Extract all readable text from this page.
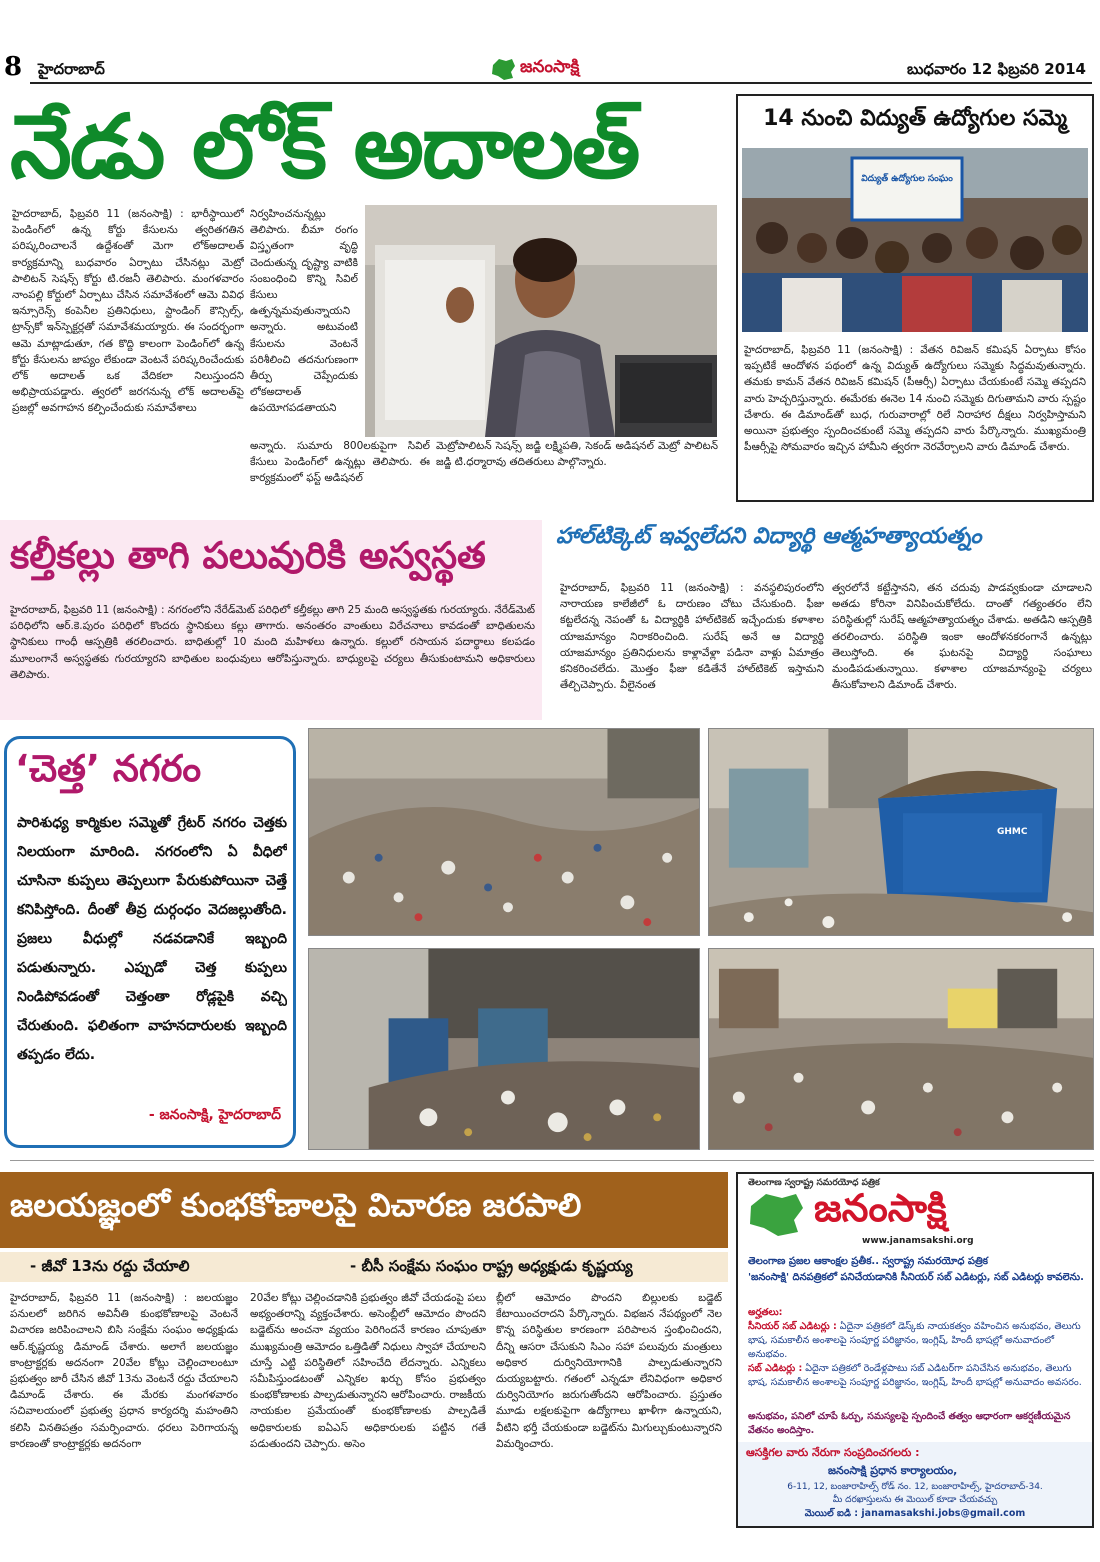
8 హైదరాబాద్	జనంసాక్షి	బుధవారం 12 ఫిబ్రవరి 2014
నేడు లోక్ అదాలత్
హైదరాబాద్, ఫిబ్రవరి 11 (జనంసాక్షి) : భారీస్థాయిలో పెండింగ్‌లో ఉన్న కోర్టు కేసులను త్వరితగతిన పరిష్కరించాలనే ఉద్దేశంతో మెగా లోక్‌అదాలత్ కార్యక్రమాన్ని బుధవారం ఏర్పాటు చేసినట్లు మెట్రో పాలిటన్ సెషన్స్ కోర్టు టి.రజనీ తెలిపారు. మంగళవారం నాంపల్లి కోర్టులో ఏర్పాటు చేసిన సమావేశంలో ఆమె వివిధ ఇన్సూరెన్స్ కంపెనీల ప్రతినిధులు, స్టాండింగ్ కౌన్సిల్స్, ట్రాన్స్‌కో ఇన్‌స్పెక్టర్లతో సమావేశమయ్యారు. ఈ సందర్భంగా ఆమె మాట్లాడుతూ, గత కొద్ది కాలంగా పెండింగ్‌లో ఉన్న కోర్టు కేసులను జాప్యం లేకుండా వెంటనే పరిష్కరించేందుకు లోక్ అదాలత్ ఒక వేదికలా నిలుస్తుందని అభిప్రాయపడ్డారు. త్వరలో జరగనున్న లోక్ అదాలత్‌పై ప్రజల్లో అవగాహన కల్పించేందుకు సమావేశాలు
నిర్వహించనున్నట్లు తెలిపారు. బీమా రంగం విస్తృతంగా వృద్ధి చెందుతున్న దృష్ట్యా వాటికి సంబంధించి కొన్ని సివిల్ కేసులు ఉత్పన్నమవుతున్నాయని అన్నారు. అటువంటి కేసులను వెంటనే పరిశీలించి తదనుగుణంగా తీర్పు చెప్పేందుకు లోకఅదాలత్ ఉపయోగపడతాయని
అన్నారు. సుమారు 800లకుపైగా సివిల్ కేసులు పెండింగ్‌లో ఉన్నట్లు తెలిపారు. ఈ కార్యక్రమంలో ఫస్ట్ అడిషనల్
మెట్రోపాలిటన్ సెషన్స్ జడ్జి లక్ష్మిపతి, సెకండ్ అడిషనల్ మెట్రో పాలిటన్ జడ్జి టి.ధర్మారావు తదితరులు పాల్గొన్నారు.
14 నుంచి విద్యుత్ ఉద్యోగుల సమ్మె
విద్యుత్ ఉద్యోగుల సంఘం
హైదరాబాద్, ఫిబ్రవరి 11 (జనంసాక్షి) : వేతన రివిజన్ కమిషన్ ఏర్పాటు కోసం ఇప్పటికే ఆందోళన పథంలో ఉన్న విద్యుత్ ఉద్యోగులు సమ్మెకు సిద్ధమవుతున్నారు. తమకు కామన్ వేతన రివిజన్ కమిషన్ (పీఆర్సీ) ఏర్పాటు చేయకుంటే సమ్మె తప్పదని వారు హెచ్చరిస్తున్నారు. ఈమేరకు ఈనెల 14 నుంచి సమ్మెకు దిగుతామని వారు స్పష్టం చేశారు. ఈ డిమాండ్‌తో బుధ, గురువారాల్లో రిలే నిరాహార దీక్షలు నిర్వహిస్తామని అయినా ప్రభుత్వం స్పందించకుంటే సమ్మె తప్పదని వారు పేర్కొన్నారు. ముఖ్యమంత్రి పీఆర్సీపై సోమవారం ఇచ్చిన హామీని త్వరగా నెరవేర్చాలని వారు డిమాండ్ చేశారు.
కల్తీకల్లు తాగి పలువురికి అస్వస్థత
హైదరాబాద్, ఫిబ్రవరి 11 (జనంసాక్షి) : నగరంలోని నేరేడ్‌మెట్ పరిధిలో కల్తీకల్లు తాగి 25 మంది అస్వస్థతకు గురయ్యారు. నేరేడ్‌మెట్ పరిధిలోని ఆర్.కె.పురం పరిధిలో కొందరు స్థానికులు కల్లు తాగారు. అనంతరం వాంతులు విరేచనాలు కావడంతో బాధితులను స్థానికులు గాంధీ ఆస్పత్రికి తరలించారు. బాధితుల్లో 10 మంది మహిళలు ఉన్నారు. కల్లులో రసాయన పదార్థాలు కలపడం మూలంగానే అస్వస్థతకు గురయ్యారని బాధితుల బంధువులు ఆరోపిస్తున్నారు. బాధ్యులపై చర్యలు తీసుకుంటామని అధికారులు తెలిపారు.
హాల్‌టిక్కెట్ ఇవ్వలేదని విద్యార్థి ఆత్మహత్యాయత్నం
హైదరాబాద్, ఫిబ్రవరి 11 (జనంసాక్షి) : వనస్థలిపురంలోని నారాయణ కాలేజీలో ఓ దారుణం చోటు చేసుకుంది. ఫీజు కట్టలేదన్న నెపంతో ఓ విద్యార్థికి హాల్‌టికెట్ ఇచ్చేందుకు కళాశాల యాజమాన్యం నిరాకరించింది. సురేష్ అనే ఆ విద్యార్థి యాజమాన్యం ప్రతినిధులను కాళ్లావేళ్లా పడినా వాళ్లు ఏమాత్రం కనికరించలేదు. మొత్తం ఫీజు కడితేనే హాల్‌టికెట్ ఇస్తామని తేల్చిచెప్పారు. వీలైనంత
త్వరలోనే కట్టేస్తానని, తన చదువు పాడవ్వకుండా చూడాలని అతడు కోరినా వినిపించుకోలేదు. దాంతో గత్యంతరం లేని పరిస్థితుల్లో సురేష్ ఆత్మహత్యాయత్నం చేశాడు. అతడిని ఆస్పత్రికి తరలించారు. పరిస్థితి ఇంకా ఆందోళనకరంగానే ఉన్నట్లు తెలుస్తోంది. ఈ ఘటనపై విద్యార్థి సంఘాలు మండిపడుతున్నాయి. కళాశాల యాజమాన్యంపై చర్యలు తీసుకోవాలని డిమాండ్ చేశారు.
‘చెత్త’ నగరం
పారిశుధ్య కార్మికుల సమ్మెతో గ్రేటర్ నగరం చెత్తకు నిలయంగా మారింది. నగరంలోని ఏ వీధిలో చూసినా కుప్పలు తెప్పలుగా పేరుకుపోయినా చెత్తే కనిపిస్తోంది. దీంతో తీవ్ర దుర్గంధం వెదజల్లుతోంది. ప్రజలు వీధుల్లో నడవడానికే ఇబ్బంది పడుతున్నారు. ఎప్పుడో చెత్త కుప్పలు నిండిపోవడంతో చెత్తంతా రోడ్లపైకి వచ్చి చేరుతుంది. ఫలితంగా వాహనదారులకు ఇబ్బంది తప్పడం లేదు.
- జనంసాక్షి, హైదరాబాద్
GHMC
జలయజ్ఞంలో కుంభకోణాలపై విచారణ జరపాలి
- జీవో 13ను రద్దు చేయాలి	- బీసీ సంక్షేమ సంఘం రాష్ట్ర అధ్యక్షుడు కృష్ణయ్య
హైదరాబాద్, ఫిబ్రవరి 11 (జనంసాక్షి) : జలయజ్ఞం పనులలో జరిగిన అవినీతి కుంభకోణాలపై వెంటనే విచారణ జరిపించాలని బిసి సంక్షేమ సంఘం అధ్యక్షుడు ఆర్.కృష్ణయ్య డిమాండ్ చేశారు. అలాగే జలయజ్ఞం కాంట్రాక్టర్లకు అదనంగా 20వేల కోట్లు చెల్లించాలంటూ ప్రభుత్వం జారీ చేసిన జీవో 13ను వెంటనే రద్దు చేయాలని డిమాండ్ చేశారు. ఈ మేరకు మంగళవారం సచివాలయంలో ప్రభుత్వ ప్రధాన కార్యదర్శి మహంతిని కలిసి వినతిపత్రం సమర్పించారు. ధరలు పెరిగాయన్న కారణంతో కాంట్రాక్టర్లకు అదనంగా
20వేల కోట్లు చెల్లించడానికి ప్రభుత్వం జీవో చేయడంపై పలు అభ్యంతరాన్ని వ్యక్తంచేశారు. అసెంబ్లీలో ఆమోదం పొందని బడ్జెట్‌ను అంచనా వ్యయం పెరిగిందనే కారణం చూపుతూ ముఖ్యమంత్రి ఆమోదం ఒత్తిడితో నిధులు స్వాహా చేయాలని చూస్తే ఎట్టి పరిస్థితిలో సహించేది లేదన్నారు. ఎన్నికలు సమీపిస్తుండటంతో ఎన్నికల ఖర్చు కోసం ప్రభుత్వం కుంభకోణాలకు పాల్పడుతున్నారని ఆరోపించారు. రాజకీయ నాయకుల ప్రమేయంతో కుంభకోణాలకు పాల్పడితే అధికారులకు ఐఏఎస్ అధికారులకు పట్టిన గతే పడుతుందని చెప్పారు. అసెం
బ్లీలో ఆమోదం పొందని బిల్లులకు బడ్జెట్ కేటాయించరాదని పేర్కొన్నారు. విభజన నేపథ్యంలో నెల కొన్న పరిస్థితుల కారణంగా పరిపాలన స్తంభించిందని, దీన్ని ఆసరా చేసుకుని సిఎం సహా పలువురు మంత్రులు అధికార దుర్వినియోగానికి పాల్పడుతున్నారని దుయ్యబట్టారు. గతంలో ఎన్నడూ లేనివిధంగా అధికార దుర్వినియోగం జరుగుతోందని ఆరోపించారు. ప్రస్తుతం మూడు లక్షలకుపైగా ఉద్యోగాలు ఖాళీగా ఉన్నాయని, వీటిని భర్తీ చేయకుండా బడ్జెట్‌ను మిగుల్చుకుంటున్నారని విమర్శించారు.
తెలంగాణ స్వరాష్ట్ర సమరయోధ పత్రిక
జనంసాక్షి
www.janamsakshi.org
తెలంగాణ ప్రజల ఆకాంక్షల ప్రతీక.. స్వరాష్ట్ర సమరయోధ పత్రిక
'జనంసాక్షి' దినపత్రికలో పనిచేయడానికి సీనియర్ సబ్ ఎడిటర్లు, సబ్ ఎడిటర్లు కావలెను.
అర్హతలు:
సీనియర్ సబ్ ఎడిటర్లు : ఏదైనా పత్రికలో డెస్క్‌కు నాయకత్వం వహించిన అనుభవం, తెలుగు భాష, సమకాలీన అంశాలపై సంపూర్ణ పరిజ్ఞానం, ఇంగ్లిష్, హిందీ భాషల్లో అనువాదంలో అనుభవం.
సబ్ ఎడిటర్లు : ఏదైనా పత్రికలో రెండేళ్లపాటు సబ్ ఎడిటర్‌గా పనిచేసిన అనుభవం, తెలుగు భాష, సమకాలీన అంశాలపై సంపూర్ణ పరిజ్ఞానం, ఇంగ్లిష్, హిందీ భాషల్లో అనువాదం అవసరం.
అనుభవం, పనిలో చూపే ఓర్పు, సమస్యలపై స్పందించే తత్వం ఆధారంగా ఆకర్షణీయమైన వేతనం అందిస్తాం.
ఆసక్తిగల వారు నేరుగా సంప్రదించగలరు :
జనంసాక్షి ప్రధాన కార్యాలయం,
6-11, 12, బంజారాహిల్స్ రోడ్ నం. 12, బంజారాహిల్స్, హైదరాబాద్-34.
మీ దరఖాస్తులను ఈ మెయిల్ కూడా చేయవచ్చు
మెయిల్ ఐడి : janamasakshi.jobs@gmail.com
